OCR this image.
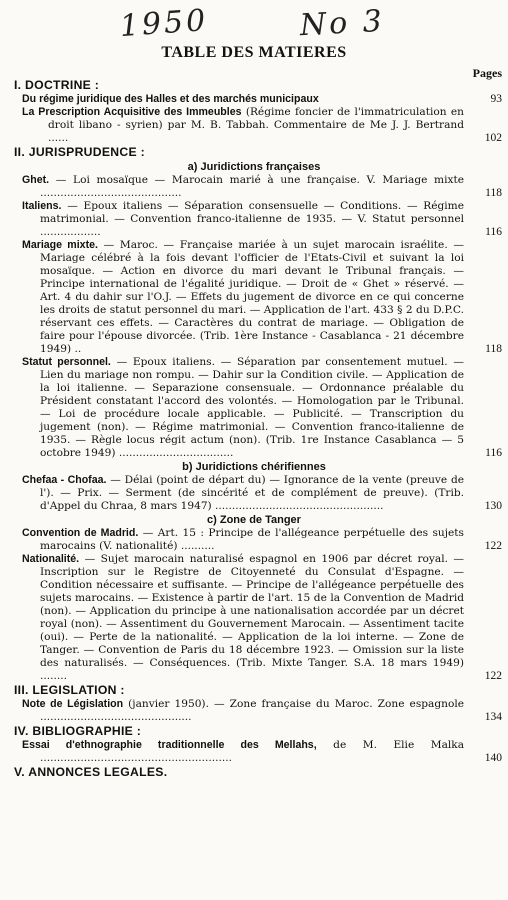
1950	No 3
TABLE DES MATIERES
Pages
I. DOCTRINE :
Du régime juridique des Halles et des marchés municipaux	93
La Prescription Acquisitive des Immeubles (Régime foncier de l'immatriculation en droit libano - syrien) par M. B. Tabbah. Commentaire de Me J. J. Bertrand ......	102
II. JURISPRUDENCE :
a) Juridictions françaises
Ghet. — Loi mosaïque — Marocain marié à une française. V. Mariage mixte ..........................................	118
Italiens. — Epoux italiens — Séparation consensuelle — Conditions. — Régime matrimonial. — Convention franco-italienne de 1935. — V. Statut personnel ..................	116
Mariage mixte. — Maroc. — Française mariée à un sujet marocain israélite. — Mariage célébré à la fois devant l'officier de l'Etats-Civil et suivant la loi mosaïque. — Action en divorce du mari devant le Tribunal français. — Principe international de l'égalité juridique. — Droit de « Ghet » réservé. — Art. 4 du dahir sur l'O.J. — Effets du jugement de divorce en ce qui concerne les droits de statut personnel du mari. — Application de l'art. 433 § 2 du D.P.C. réservant ces effets. — Caractères du contrat de mariage. — Obligation de faire pour l'épouse divorcée. (Trib. 1ère Instance - Casablanca - 21 décembre 1949) ..	118
Statut personnel. — Epoux italiens. — Séparation par consentement mutuel. — Lien du mariage non rompu. — Dahir sur la Condition civile. — Application de la loi italienne. — Separazione consensuale. — Ordonnance préalable du Président constatant l'accord des volontés. — Homologation par le Tribunal. — Loi de procédure locale applicable. — Publicité. — Transcription du jugement (non). — Régime matrimonial. — Convention franco-italienne de 1935. — Règle locus régit actum (non). (Trib. 1re Instance Casablanca — 5 octobre 1949) ..................................	116
b) Juridictions chérifiennes
Chefaa - Chofaa. — Délai (point de départ du) — Ignorance de la vente (preuve de l'). — Prix. — Serment (de sincérité et de complément de preuve). (Trib. d'Appel du Chraa, 8 mars 1947) ..................................................	130
c) Zone de Tanger
Convention de Madrid. — Art. 15 : Principe de l'allégeance perpétuelle des sujets marocains (V. nationalité) ..........	122
Nationalité. — Sujet marocain naturalisé espagnol en 1906 par décret royal. — Inscription sur le Registre de Citoyenneté du Consulat d'Espagne. — Condition nécessaire et suffisante. — Principe de l'allégeance perpétuelle des sujets marocains. — Existence à partir de l'art. 15 de la Convention de Madrid (non). — Application du principe à une nationalisation accordée par un décret royal (non). — Assentiment du Gouvernement Marocain. — Assentiment tacite (oui). — Perte de la nationalité. — Application de la loi interne. — Zone de Tanger. — Convention de Paris du 18 décembre 1923. — Omission sur la liste des naturalisés. — Conséquences. (Trib. Mixte Tanger. S.A. 18 mars 1949) ........	122
III. LEGISLATION :
Note de Législation (janvier 1950). — Zone française du Maroc. Zone espagnole .............................................	134
IV. BIBLIOGRAPHIE :
Essai d'ethnographie traditionnelle des Mellahs, de M. Elie Malka .........................................................	140
V. ANNONCES LEGALES.
